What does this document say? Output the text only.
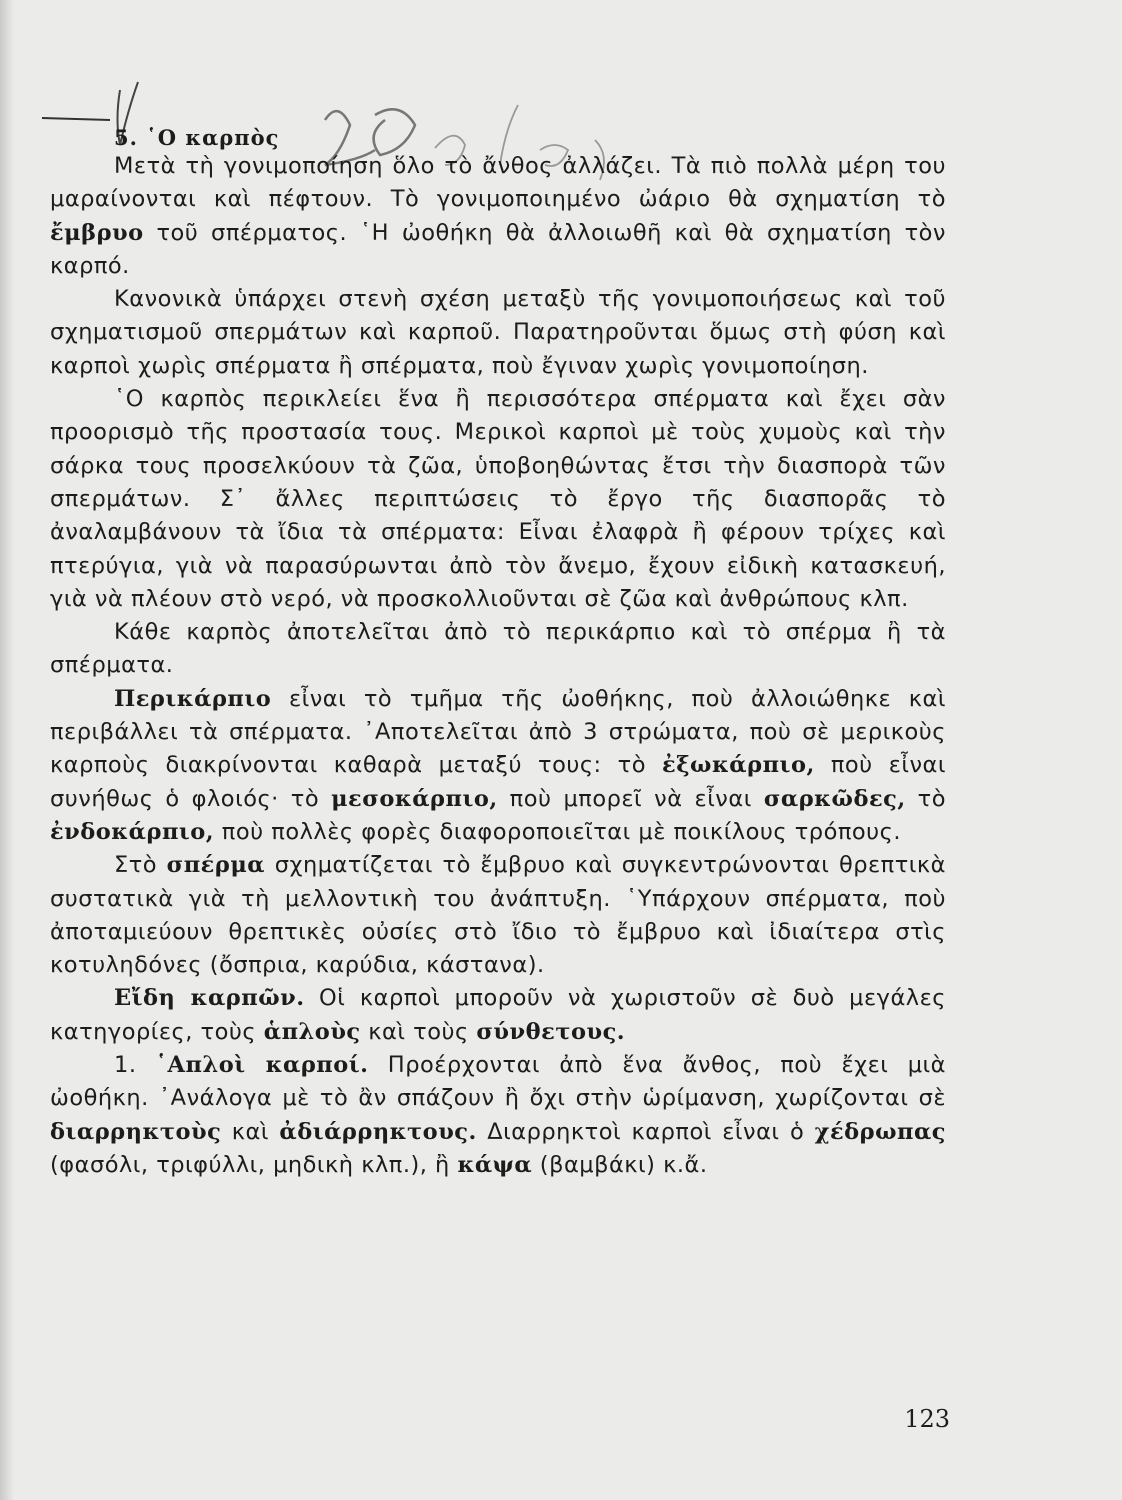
5. ῾Ο καρπὸς

Μετὰ τὴ γονιμοποίηση ὅλο τὸ ἄνθος ἀλλάζει. Τὰ πιὸ πολλὰ μέρη του μαραίνονται καὶ πέφτουν. Τὸ γονιμοποιημένο ὠάριο θὰ σχηματίση τὸ ἔμβρυο τοῦ σπέρματος. ῾Η ὠοθήκη θὰ ἀλλοιωθῆ καὶ θὰ σχηματίση τὸν καρπό.

Κανονικὰ ὑπάρχει στενὴ σχέση μεταξὺ τῆς γονιμοποιήσεως καὶ τοῦ σχηματισμοῦ σπερμάτων καὶ καρποῦ. Παρατηροῦνται ὅμως στὴ φύση καὶ καρποὶ χωρὶς σπέρματα ἢ σπέρματα, ποὺ ἔγιναν χωρὶς γονιμοποίηση.

῾Ο καρπὸς περικλείει ἕνα ἢ περισσότερα σπέρματα καὶ ἔχει σὰν προορισμὸ τῆς προστασία τους. Μερικοὶ καρποὶ μὲ τοὺς χυμοὺς καὶ τὴν σάρκα τους προσελκύουν τὰ ζῶα, ὑποβοηθώντας ἔτσι τὴν διασπορὰ τῶν σπερμάτων. Σ᾽ ἄλλες περιπτώσεις τὸ ἔργο τῆς διασπορᾶς τὸ ἀναλαμβάνουν τὰ ἴδια τὰ σπέρματα: Εἶναι ἐλαφρὰ ἢ φέρουν τρίχες καὶ πτερύγια, γιὰ νὰ παρασύρωνται ἀπὸ τὸν ἄνεμο, ἔχουν εἰδικὴ κατασκευή, γιὰ νὰ πλέουν στὸ νερό, νὰ προσκολλιοῦνται σὲ ζῶα καὶ ἀνθρώπους κλπ.

Κάθε καρπὸς ἀποτελεῖται ἀπὸ τὸ περικάρπιο καὶ τὸ σπέρμα ἢ τὰ σπέρματα.

Περικάρπιο εἶναι τὸ τμῆμα τῆς ὠοθήκης, ποὺ ἀλλοιώθηκε καὶ περιβάλλει τὰ σπέρματα. ᾽Αποτελεῖται ἀπὸ 3 στρώματα, ποὺ σὲ μερικοὺς καρποὺς διακρίνονται καθαρὰ μεταξύ τους: τὸ ἐξωκάρπιο, ποὺ εἶναι συνήθως ὁ φλοιός· τὸ μεσοκάρπιο, ποὺ μπορεῖ νὰ εἶναι σαρκῶδες, τὸ ἐνδοκάρπιο, ποὺ πολλὲς φορὲς διαφοροποιεῖται μὲ ποικίλους τρόπους.

Στὸ σπέρμα σχηματίζεται τὸ ἔμβρυο καὶ συγκεντρώνονται θρεπτικὰ συστατικὰ γιὰ τὴ μελλοντικὴ του ἀνάπτυξη. ῾Υπάρχουν σπέρματα, ποὺ ἀποταμιεύουν θρεπτικὲς οὐσίες στὸ ἴδιο τὸ ἔμβρυο καὶ ἰδιαίτερα στὶς κοτυληδόνες (ὄσπρια, καρύδια, κάστανα).

Εἴδη καρπῶν. Οἱ καρποὶ μποροῦν νὰ χωριστοῦν σὲ δυὸ μεγάλες κατηγορίες, τοὺς ἁπλοὺς καὶ τοὺς σύνθετους.

1. ῾Απλοὶ καρποί. Προέρχονται ἀπὸ ἕνα ἄνθος, ποὺ ἔχει μιὰ ὠοθήκη. ᾽Ανάλογα μὲ τὸ ἂν σπάζουν ἢ ὄχι στὴν ὡρίμανση, χωρίζονται σὲ διαρρηκτοὺς καὶ ἀδιάρρηκτους. Διαρρηκτοὶ καρποὶ εἶναι ὁ χέδρωπας (φασόλι, τριφύλλι, μηδικὴ κλπ.), ἢ κάψα (βαμβάκι) κ.ἄ.

123
